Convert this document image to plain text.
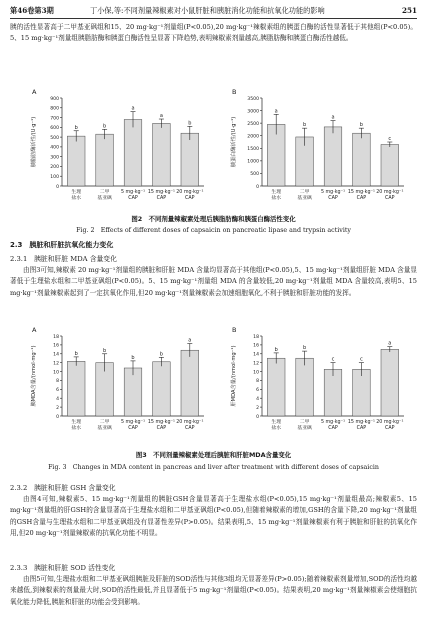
第46卷第3期	丁小保,等:不同剂量辣椒素对小鼠肝脏和胰脏消化功能和抗氧化功能的影响	251
胰的活性显著高于二甲基亚砜组和15、20 mg·kg⁻¹剂量组(P<0.05),20 mg·kg⁻¹辣椒素组的胰蛋白酶的活性显著低于其他组(P<0.05)。5、15 mg·kg⁻¹剂量组胰脂肪酶和胰蛋白酶活性呈显著下降趋势,表明辣椒素剂量越高,胰脂肪酶和胰蛋白酶活性越低。
A
0
100
200
300
400
500
600
700
800
900
胰脂肪酶活性/(U·g⁻¹)	b
生理
盐水
b
二甲
基亚砜
a
5 mg·kg⁻¹
CAP
a
15 mg·kg⁻¹
CAP
b
20 mg·kg⁻¹
CAP
B
0
500
1000
1500
2000
2500
3000
3500
胰蛋白酶活性/(U·g⁻¹)
a
生理
盐水
b
二甲
基亚砜
a
5 mg·kg⁻¹
CAP
b
15 mg·kg⁻¹
CAP
c
20 mg·kg⁻¹
CAP
图2　不同剂量辣椒素处理后胰脂肪酶和胰蛋白酶活性变化
Fig. 2　Effects of different doses of capsaicin on pancreatic lipase and trypsin activity
2.3　胰脏和肝脏抗氧化能力变化
2.3.1　胰脏和肝脏 MDA 含量变化
由图3可知,辣椒素 20 mg·kg⁻¹剂量组的胰脏和肝脏 MDA 含量均显著高于其他组(P<0.05),5、15 mg·kg⁻¹剂量组肝脏 MDA 含量显著低于生理盐水组和二甲基亚砜组(P<0.05)。5、15 mg·kg⁻¹剂量组 MDA 的含量较低,20 mg·kg⁻¹剂量组 MDA 含量较高,表明5、15 mg·kg⁻¹剂量辣椒素起到了一定抗氧化作用,但20 mg·kg⁻¹剂量辣椒素会加速细胞氧化,不利于胰脏和肝脏功能的发挥。
A
0
2
4
6
8
10
12
14
16
18
胰MDA含量/(nmol·mg⁻¹)	b
生理
盐水
b
二甲
基亚砜
b
5 mg·kg⁻¹
CAP
b
15 mg·kg⁻¹
CAP
a
20 mg·kg⁻¹
CAP
B
0
2
4
6
8
10
12
14
16
18
肝MDA含量/(nmol·mg⁻¹)	b
生理
盐水
b
二甲
基亚砜
c
5 mg·kg⁻¹
CAP
c
15 mg·kg⁻¹
CAP
a
20 mg·kg⁻¹
CAP
图3　不同剂量辣椒素处理后胰脏和肝脏MDA含量变化
Fig. 3　Changes in MDA content in pancreas and liver after treatment with different doses of capsaicin
2.3.2　胰脏和肝脏 GSH 含量变化
由图4可知,辣椒素5、15 mg·kg⁻¹剂量组的胰脏GSH含量显著高于生理盐水组(P<0.05),15 mg·kg⁻¹剂量组最高;辣椒素5、15 mg·kg⁻¹剂量组的肝GSH的含量显著高于生理盐水组和二甲基亚砜组(P<0.05),但随着辣椒素的增加,GSH的含量下降,20 mg·kg⁻¹剂量组的GSH含量与生理盐水组和二甲基亚砜组没有显著性差异(P>0.05)。结果表明,5、15 mg·kg⁻¹剂量辣椒素有利于胰脏和肝脏的抗氧化作用,但20 mg·kg⁻¹剂量辣椒素的抗氧化功能不明显。
2.3.3　胰脏和肝脏 SOD 活性变化
由图5可知,生理盐水组和二甲基亚砜组胰脏及肝脏的SOD活性与其他3组均无显著差异(P>0.05);随着辣椒素剂量增加,SOD的活性均越来越低,到辣椒素的剂量最大时,SOD的活性最低,并且显著低于5 mg·kg⁻¹剂量组(P<0.05)。结果表明,20 mg·kg⁻¹剂量辣椒素会使细胞抗氧化能力降低,胰脏和肝脏的功能会受到影响。
